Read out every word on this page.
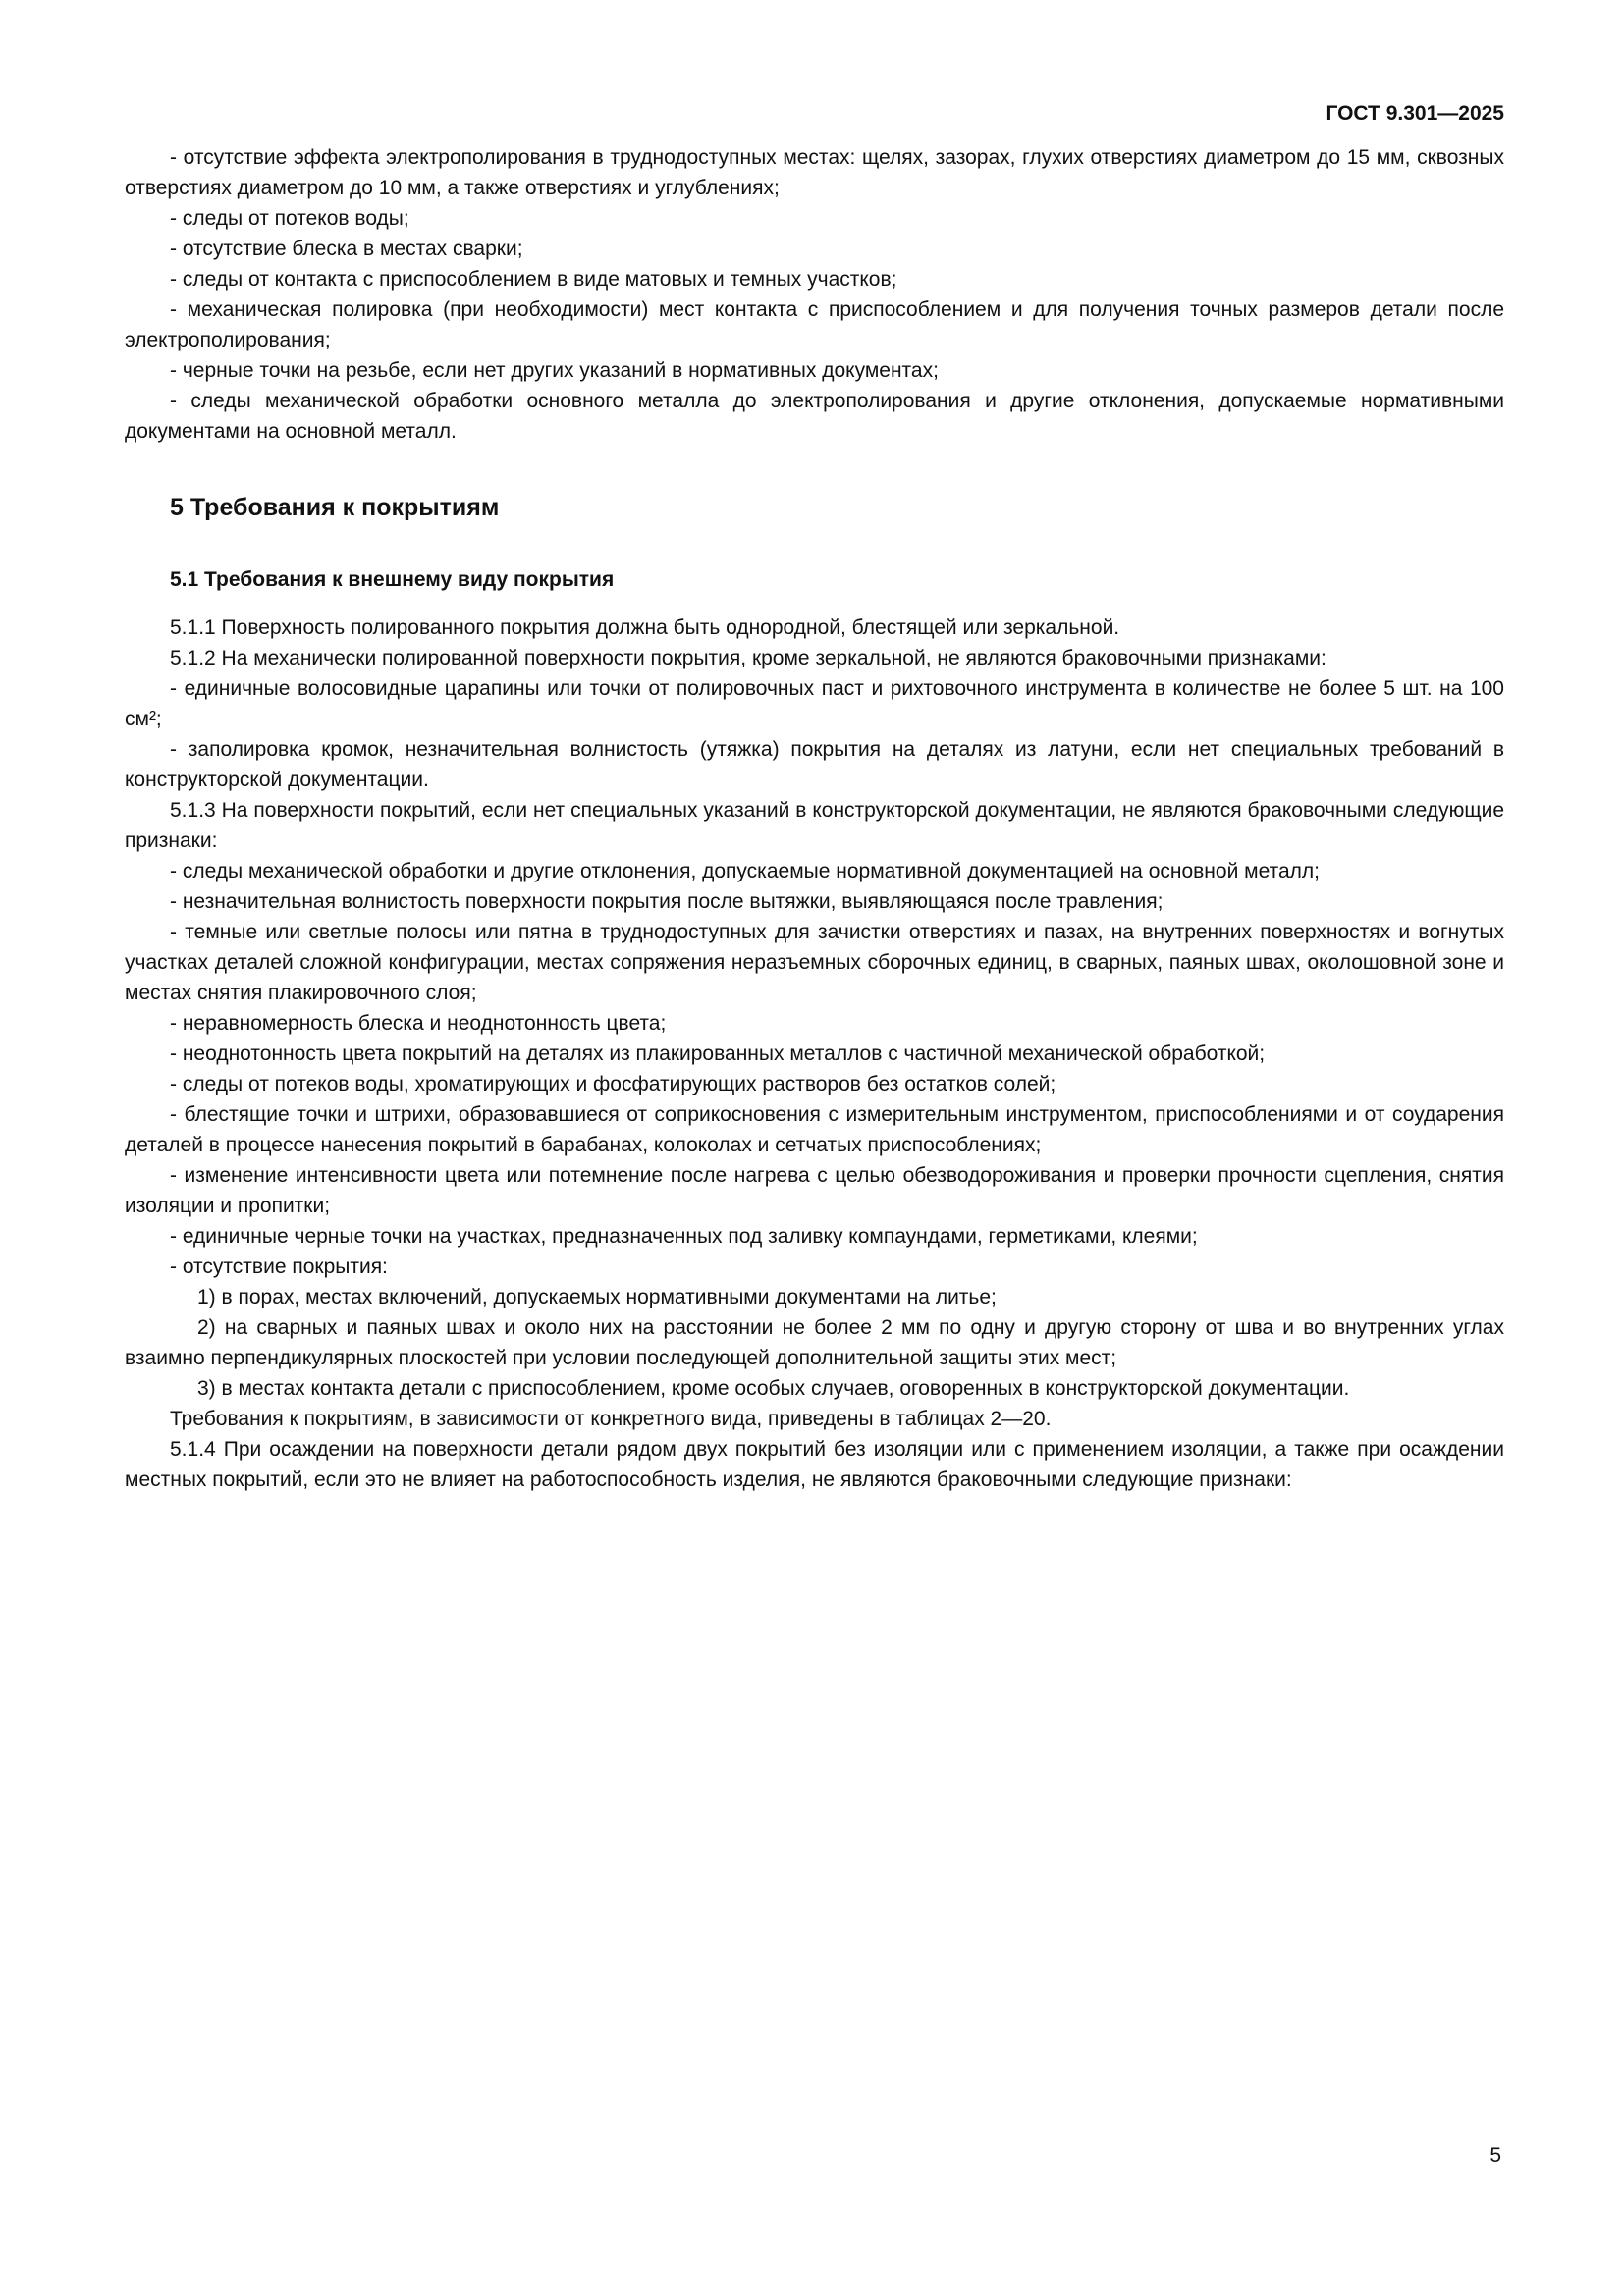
ГОСТ 9.301—2025

- отсутствие эффекта электрополирования в труднодоступных местах: щелях, зазорах, глухих отверстиях диаметром до 15 мм, сквозных отверстиях диаметром до 10 мм, а также отверстиях и углублениях;

- следы от потеков воды;

- отсутствие блеска в местах сварки;

- следы от контакта с приспособлением в виде матовых и темных участков;

- механическая полировка (при необходимости) мест контакта с приспособлением и для получения точных размеров детали после электрополирования;

- черные точки на резьбе, если нет других указаний в нормативных документах;

- следы механической обработки основного металла до электрополирования и другие отклонения, допускаемые нормативными документами на основной металл.

5 Требования к покрытиям

5.1 Требования к внешнему виду покрытия

5.1.1 Поверхность полированного покрытия должна быть однородной, блестящей или зеркальной.

5.1.2 На механически полированной поверхности покрытия, кроме зеркальной, не являются браковочными признаками:

- единичные волосовидные царапины или точки от полировочных паст и рихтовочного инструмента в количестве не более 5 шт. на 100 см²;

- заполировка кромок, незначительная волнистость (утяжка) покрытия на деталях из латуни, если нет специальных требований в конструкторской документации.

5.1.3 На поверхности покрытий, если нет специальных указаний в конструкторской документации, не являются браковочными следующие признаки:

- следы механической обработки и другие отклонения, допускаемые нормативной документацией на основной металл;

- незначительная волнистость поверхности покрытия после вытяжки, выявляющаяся после травления;

- темные или светлые полосы или пятна в труднодоступных для зачистки отверстиях и пазах, на внутренних поверхностях и вогнутых участках деталей сложной конфигурации, местах сопряжения неразъемных сборочных единиц, в сварных, паяных швах, околошовной зоне и местах снятия плакировочного слоя;

- неравномерность блеска и неоднотонность цвета;

- неоднотонность цвета покрытий на деталях из плакированных металлов с частичной механической обработкой;

- следы от потеков воды, хроматирующих и фосфатирующих растворов без остатков солей;

- блестящие точки и штрихи, образовавшиеся от соприкосновения с измерительным инструментом, приспособлениями и от соударения деталей в процессе нанесения покрытий в барабанах, колоколах и сетчатых приспособлениях;

- изменение интенсивности цвета или потемнение после нагрева с целью обезводороживания и проверки прочности сцепления, снятия изоляции и пропитки;

- единичные черные точки на участках, предназначенных под заливку компаундами, герметиками, клеями;

- отсутствие покрытия:

1) в порах, местах включений, допускаемых нормативными документами на литье;

2) на сварных и паяных швах и около них на расстоянии не более 2 мм по одну и другую сторону от шва и во внутренних углах взаимно перпендикулярных плоскостей при условии последующей дополнительной защиты этих мест;

3) в местах контакта детали с приспособлением, кроме особых случаев, оговоренных в конструкторской документации.

Требования к покрытиям, в зависимости от конкретного вида, приведены в таблицах 2—20.

5.1.4 При осаждении на поверхности детали рядом двух покрытий без изоляции или с применением изоляции, а также при осаждении местных покрытий, если это не влияет на работоспособность изделия, не являются браковочными следующие признаки:

5
